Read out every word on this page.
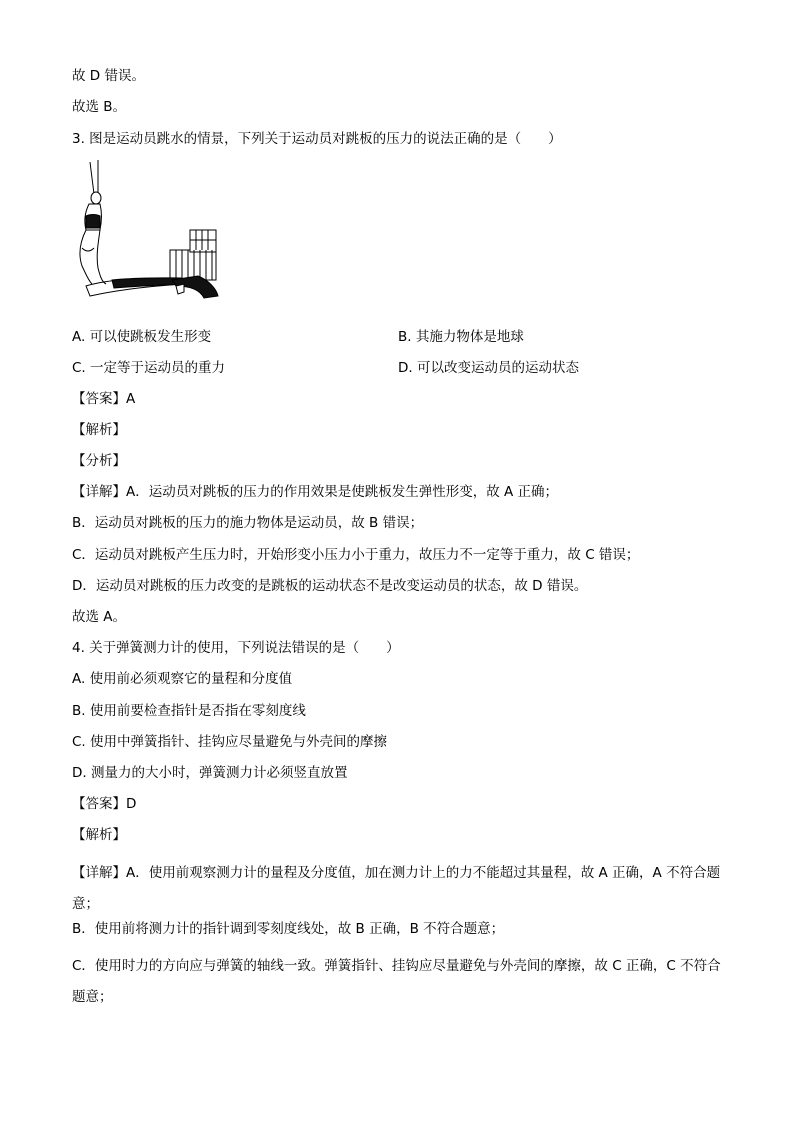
故 D 错误。
故选 B。
3. 图是运动员跳水的情景，下列关于运动员对跳板的压力的说法正确的是（　　）
A. 可以使跳板发生形变	B. 其施力物体是地球
C. 一定等于运动员的重力	D. 可以改变运动员的运动状态
【答案】A
【解析】
【分析】
【详解】A．运动员对跳板的压力的作用效果是使跳板发生弹性形变，故 A 正确；
B．运动员对跳板的压力的施力物体是运动员，故 B 错误；
C．运动员对跳板产生压力时，开始形变小压力小于重力，故压力不一定等于重力，故 C 错误；
D．运动员对跳板的压力改变的是跳板的运动状态不是改变运动员的状态，故 D 错误。
故选 A。
4. 关于弹簧测力计的使用，下列说法错误的是（　　）
A. 使用前必须观察它的量程和分度值
B. 使用前要检查指针是否指在零刻度线
C. 使用中弹簧指针、挂钩应尽量避免与外壳间的摩擦
D. 测量力的大小时，弹簧测力计必须竖直放置
【答案】D
【解析】
【详解】A．使用前观察测力计的量程及分度值，加在测力计上的力不能超过其量程，故 A 正确，A 不符合题意；
B．使用前将测力计的指针调到零刻度线处，故 B 正确，B 不符合题意；
C．使用时力的方向应与弹簧的轴线一致。弹簧指针、挂钩应尽量避免与外壳间的摩擦，故 C 正确，C 不符合题意；
